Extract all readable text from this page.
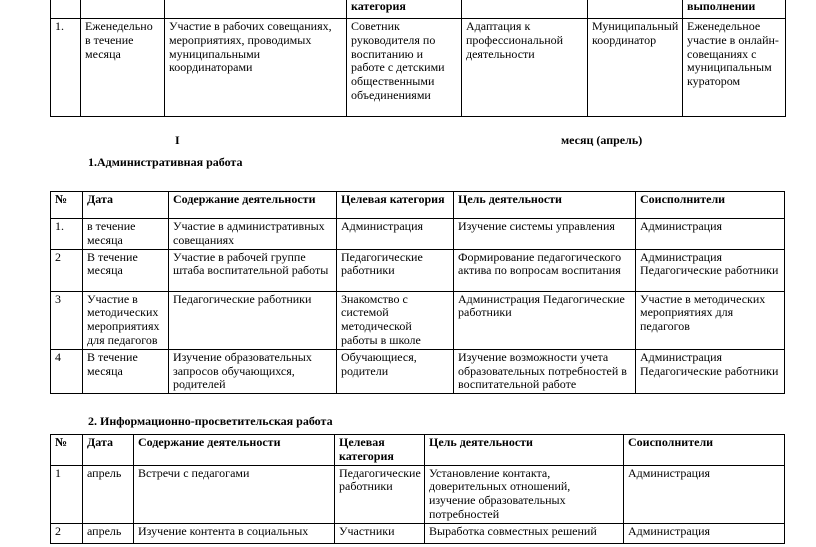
			категория			выполнении
1.	Еженедельно в течение месяца	Участие в рабочих совещаниях, мероприятиях, проводимых муниципальными координаторами	Советник руководителя по воспитанию и работе с детскими общественными объединениями	Адаптация к профессиональной деятельности	Муниципальный координатор	Еженедельное участие в онлайн-совещаниях с муниципальным куратором
I	месяц (апрель)
1.Административная работа
№	Дата	Содержание деятельности	Целевая категория	Цель деятельности	Соисполнители
1.	в течение месяца	Участие в административных совещаниях	Администрация	Изучение системы управления	Администрация
2	В течение месяца	Участие в рабочей группе штаба воспитательной работы	Педагогические работники	Формирование педагогического актива по вопросам воспитания	Администрация Педагогические работники
3	Участие в методических мероприятиях для педагогов	Педагогические работники	Знакомство с системой методической работы в школе	Администрация Педагогические работники	Участие в методических мероприятиях для педагогов
4	В течение месяца	Изучение образовательных запросов обучающихся, родителей	Обучающиеся, родители	Изучение возможности учета образовательных потребностей в воспитательной работе	Администрация Педагогические работники
2. Информационно-просветительская работа
№	Дата	Содержание деятельности	Целевая категория	Цель деятельности	Соисполнители
1	апрель	Встречи с педагогами	Педагогические работники	Установление контакта, доверительных отношений, изучение образовательных потребностей	Администрация
2	апрель	Изучение контента в социальных	Участники	Выработка совместных решений	Администрация
